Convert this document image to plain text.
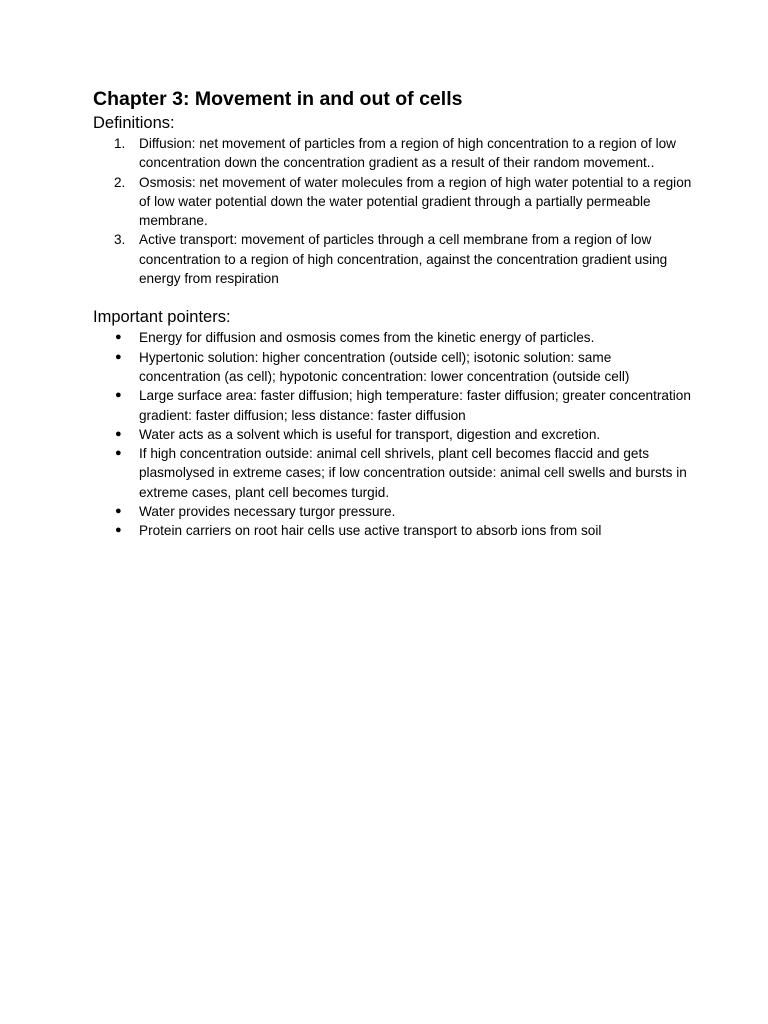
Chapter 3: Movement in and out of cells
Definitions:
1. Diffusion: net movement of particles from a region of high concentration to a region of low concentration down the concentration gradient as a result of their random movement..
2. Osmosis: net movement of water molecules from a region of high water potential to a region of low water potential down the water potential gradient through a partially permeable membrane.
3. Active transport: movement of particles through a cell membrane from a region of low concentration to a region of high concentration, against the concentration gradient using energy from respiration
Important pointers:
● Energy for diffusion and osmosis comes from the kinetic energy of particles.
● Hypertonic solution: higher concentration (outside cell); isotonic solution: same concentration (as cell); hypotonic concentration: lower concentration (outside cell)
● Large surface area: faster diffusion; high temperature: faster diffusion; greater concentration gradient: faster diffusion; less distance: faster diffusion
● Water acts as a solvent which is useful for transport, digestion and excretion.
● If high concentration outside: animal cell shrivels, plant cell becomes flaccid and gets plasmolysed in extreme cases; if low concentration outside: animal cell swells and bursts in extreme cases, plant cell becomes turgid.
● Water provides necessary turgor pressure.
● Protein carriers on root hair cells use active transport to absorb ions from soil
